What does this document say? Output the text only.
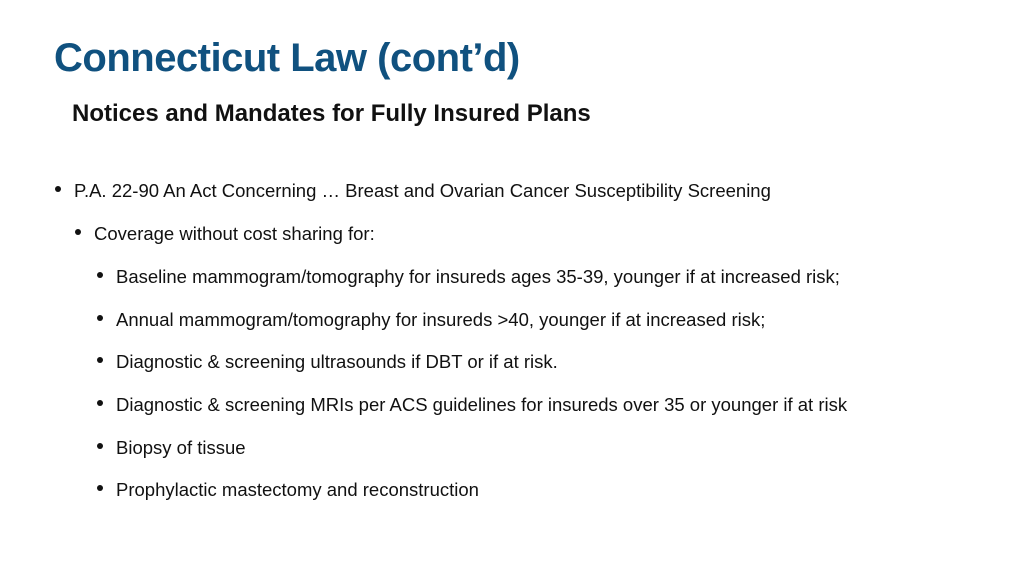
Connecticut Law (cont’d)
Notices and Mandates for Fully Insured Plans
P.A. 22-90 An Act Concerning … Breast and Ovarian Cancer Susceptibility Screening
Coverage without cost sharing for:
Baseline mammogram/tomography for insureds ages 35-39, younger if at increased risk;
Annual mammogram/tomography for insureds >40, younger if at increased risk;
Diagnostic & screening ultrasounds if DBT or if at risk.
Diagnostic & screening MRIs per ACS guidelines for insureds over 35 or younger if at risk
Biopsy of tissue
Prophylactic mastectomy and reconstruction
